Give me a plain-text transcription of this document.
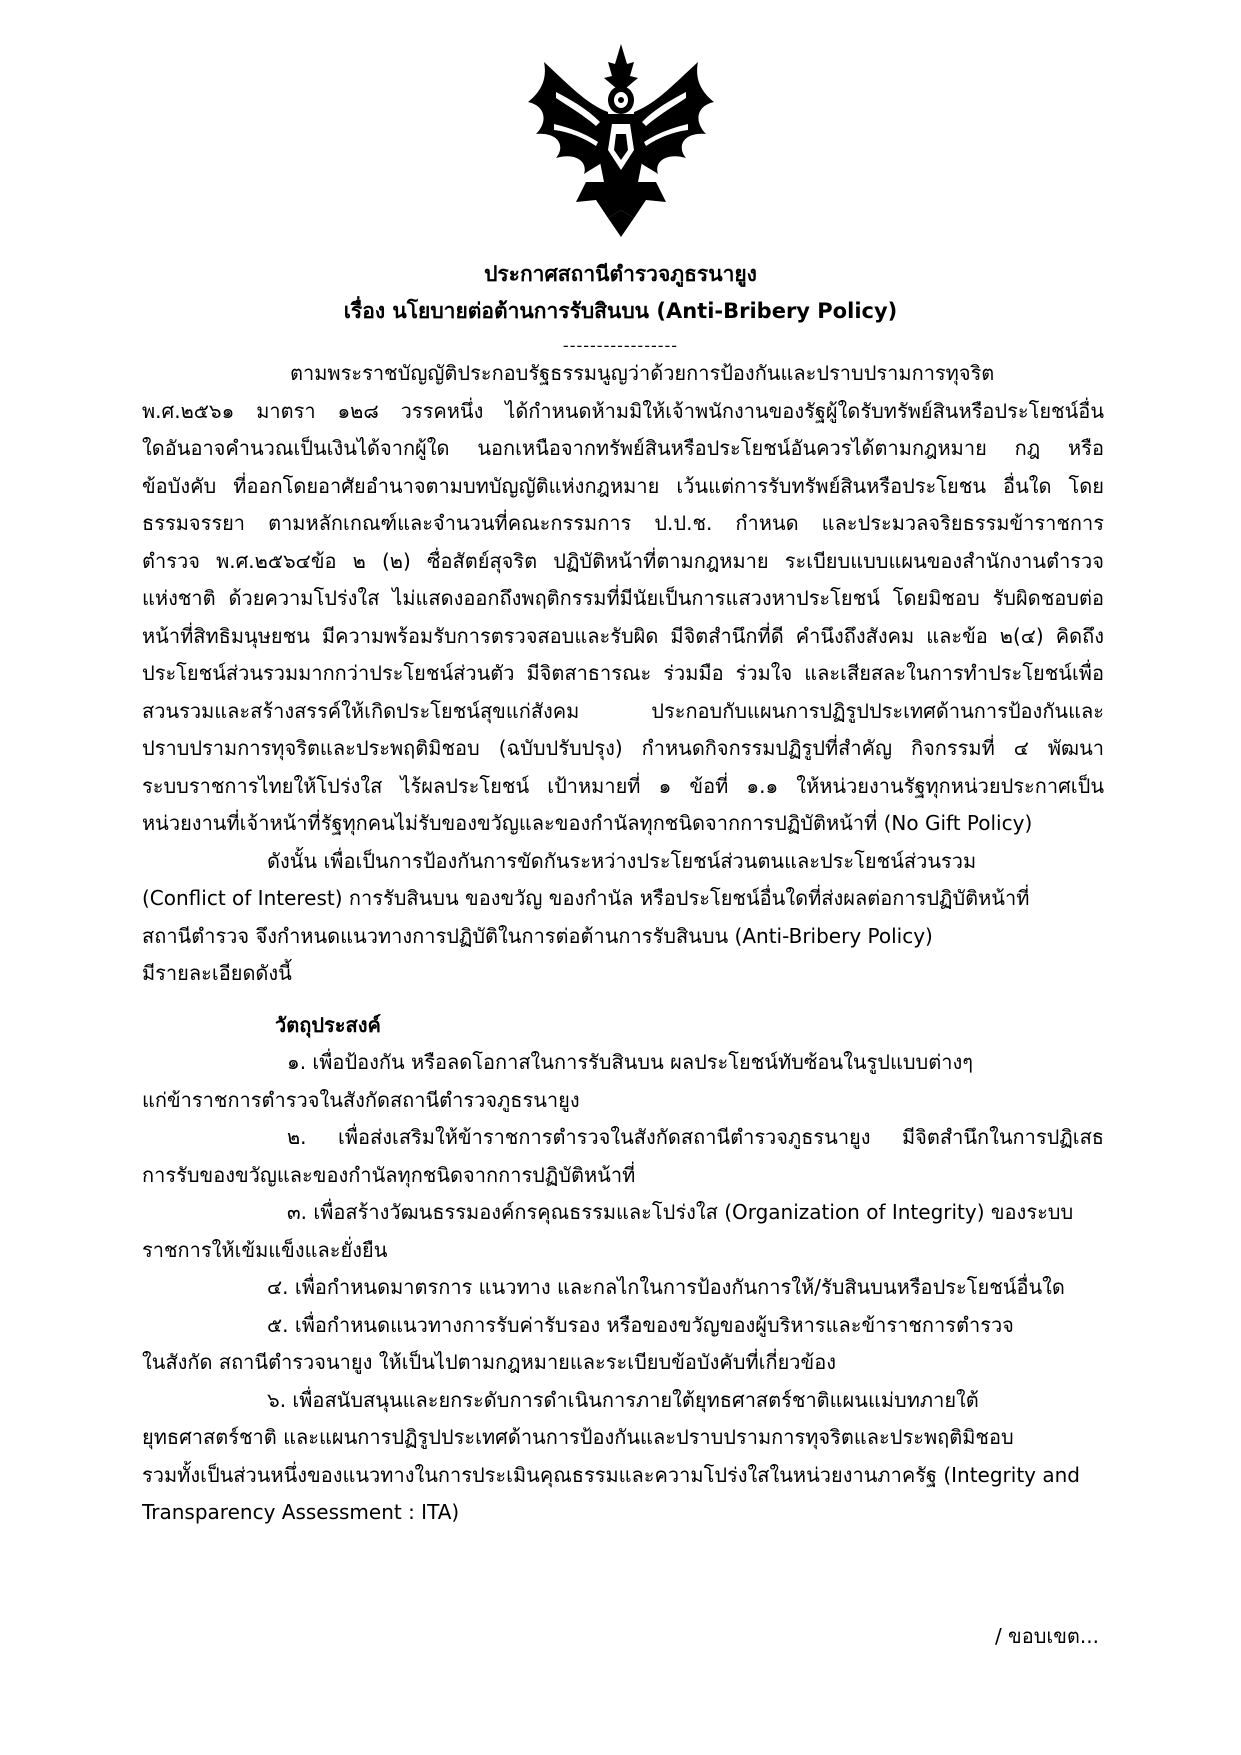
ประกาศสถานีตำรวจภูธรนายูง
เรื่อง นโยบายต่อต้านการรับสินบน (Anti-Bribery Policy)
-----------------
ตามพระราชบัญญัติประกอบรัฐธรรมนูญว่าด้วยการป้องกันและปราบปรามการทุจริต
พ.ศ.๒๕๖๑ มาตรา ๑๒๘ วรรคหนึ่ง ได้กำหนดห้ามมิให้เจ้าพนักงานของรัฐผู้ใดรับทรัพย์สินหรือประโยชน์อื่น
ใดอันอาจคำนวณเป็นเงินได้จากผู้ใด นอกเหนือจากทรัพย์สินหรือประโยชน์อันควรได้ตามกฎหมาย กฎ หรือ
ข้อบังคับ ที่ออกโดยอาศัยอำนาจตามบทบัญญัติแห่งกฎหมาย เว้นแต่การรับทรัพย์สินหรือประโยชน อื่นใด โดย
ธรรมจรรยา ตามหลักเกณฑ์และจำนวนที่คณะกรรมการ ป.ป.ช. กำหนด และประมวลจริยธรรมข้าราชการ
ตำรวจ พ.ศ.๒๕๖๔ข้อ ๒ (๒) ซื่อสัตย์สุจริต ปฏิบัติหน้าที่ตามกฎหมาย ระเบียบแบบแผนของสำนักงานตำรวจ
แห่งชาติ ด้วยความโปร่งใส ไม่แสดงออกถึงพฤติกรรมที่มีนัยเป็นการแสวงหาประโยชน์ โดยมิชอบ รับผิดชอบต่อ
หน้าที่สิทธิมนุษยชน มีความพร้อมรับการตรวจสอบและรับผิด มีจิตสำนึกที่ดี คำนึงถึงสังคม และข้อ ๒(๔) คิดถึง
ประโยชน์ส่วนรวมมากกว่าประโยชน์ส่วนตัว มีจิตสาธารณะ ร่วมมือ ร่วมใจ และเสียสละในการทำประโยชน์เพื่อ
สวนรวมและสร้างสรรค์ให้เกิดประโยชน์สุขแก่สังคม ประกอบกับแผนการปฏิรูปประเทศด้านการป้องกันและ
ปราบปรามการทุจริตและประพฤติมิชอบ (ฉบับปรับปรุง) กำหนดกิจกรรมปฏิรูปที่สำคัญ กิจกรรมที่ ๔ พัฒนา
ระบบราชการไทยให้โปร่งใส ไร้ผลประโยชน์ เป้าหมายที่ ๑ ข้อที่ ๑.๑ ให้หน่วยงานรัฐทุกหน่วยประกาศเป็น
หน่วยงานที่เจ้าหน้าที่รัฐทุกคนไม่รับของขวัญและของกำนัลทุกชนิดจากการปฏิบัติหน้าที่ (No Gift Policy)
ดังนั้น เพื่อเป็นการป้องกันการขัดกันระหว่างประโยชน์ส่วนตนและประโยชน์ส่วนรวม
(Conflict of Interest) การรับสินบน ของขวัญ ของกำนัล หรือประโยชน์อื่นใดที่ส่งผลต่อการปฏิบัติหน้าที่
สถานีตำรวจ จึงกำหนดแนวทางการปฏิบัติในการต่อต้านการรับสินบน (Anti-Bribery Policy)
มีรายละเอียดดังนี้
วัตถุประสงค์
๑. เพื่อป้องกัน หรือลดโอกาสในการรับสินบน ผลประโยชน์ทับซ้อนในรูปแบบต่างๆ
แก่ข้าราชการตำรวจในสังกัดสถานีตำรวจภูธรนายูง
๒. เพื่อส่งเสริมให้ข้าราชการตำรวจในสังกัดสถานีตำรวจภูธรนายูง มีจิตสำนึกในการปฏิเสธ
การรับของขวัญและของกำนัลทุกชนิดจากการปฏิบัติหน้าที่
๓. เพื่อสร้างวัฒนธรรมองค์กรคุณธรรมและโปร่งใส (Organization of Integrity) ของระบบ
ราชการให้เข้มแข็งและยั่งยืน
๔. เพื่อกำหนดมาตรการ แนวทาง และกลไกในการป้องกันการให้/รับสินบนหรือประโยชน์อื่นใด
๕. เพื่อกำหนดแนวทางการรับค่ารับรอง หรือของขวัญของผู้บริหารและข้าราชการตำรวจ
ในสังกัด สถานีตำรวจนายูง ให้เป็นไปตามกฎหมายและระเบียบข้อบังคับที่เกี่ยวข้อง
๖. เพื่อสนับสนุนและยกระดับการดำเนินการภายใต้ยุทธศาสตร์ชาติแผนแม่บทภายใต้
ยุทธศาสตร์ชาติ และแผนการปฏิรูปประเทศด้านการป้องกันและปราบปรามการทุจริตและประพฤติมิชอบ
รวมทั้งเป็นส่วนหนึ่งของแนวทางในการประเมินคุณธรรมและความโปร่งใสในหน่วยงานภาครัฐ (Integrity and
Transparency Assessment : ITA)
/ ขอบเขต...
